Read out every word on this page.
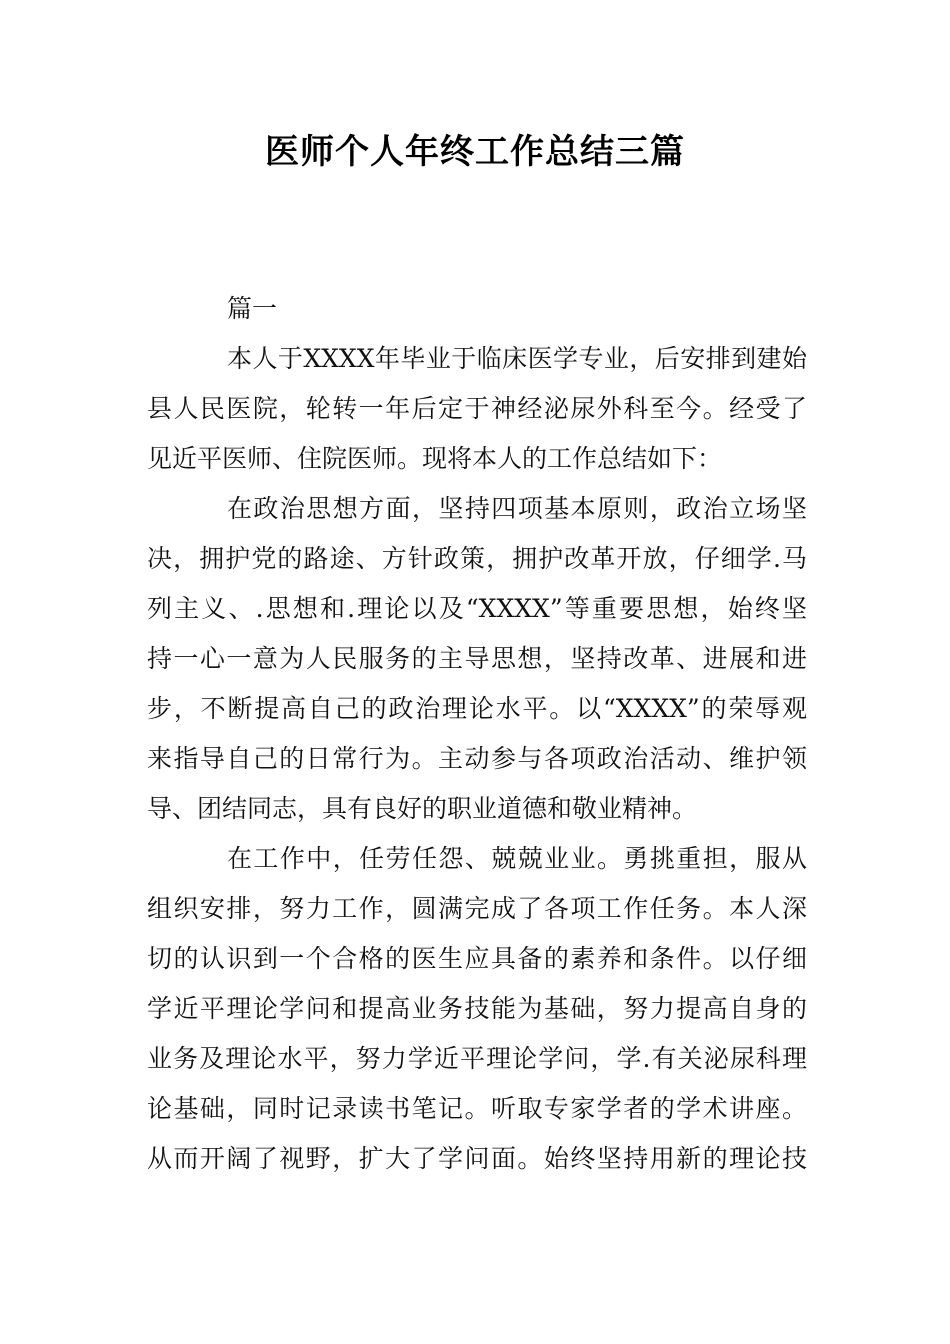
医师个人年终工作总结三篇
篇一
本人于XXXX年毕业于临床医学专业，后安排到建始
县人民医院，轮转一年后定于神经泌尿外科至今。经受了
见近平医师、住院医师。现将本人的工作总结如下：
在政治思想方面，坚持四项基本原则，政治立场坚
决，拥护党的路途、方针政策，拥护改革开放，仔细学.马
列主义、.思想和.理论以及“XXXX”等重要思想，始终坚
持一心一意为人民服务的主导思想，坚持改革、进展和进
步，不断提高自己的政治理论水平。以“XXXX”的荣辱观
来指导自己的日常行为。主动参与各项政治活动、维护领
导、团结同志，具有良好的职业道德和敬业精神。
在工作中，任劳任怨、兢兢业业。勇挑重担，服从
组织安排，努力工作，圆满完成了各项工作任务。本人深
切的认识到一个合格的医生应具备的素养和条件。以仔细
学近平理论学问和提高业务技能为基础，努力提高自身的
业务及理论水平，努力学近平理论学问，学.有关泌尿科理
论基础，同时记录读书笔记。听取专家学者的学术讲座。
从而开阔了视野，扩大了学问面。始终坚持用新的理论技
